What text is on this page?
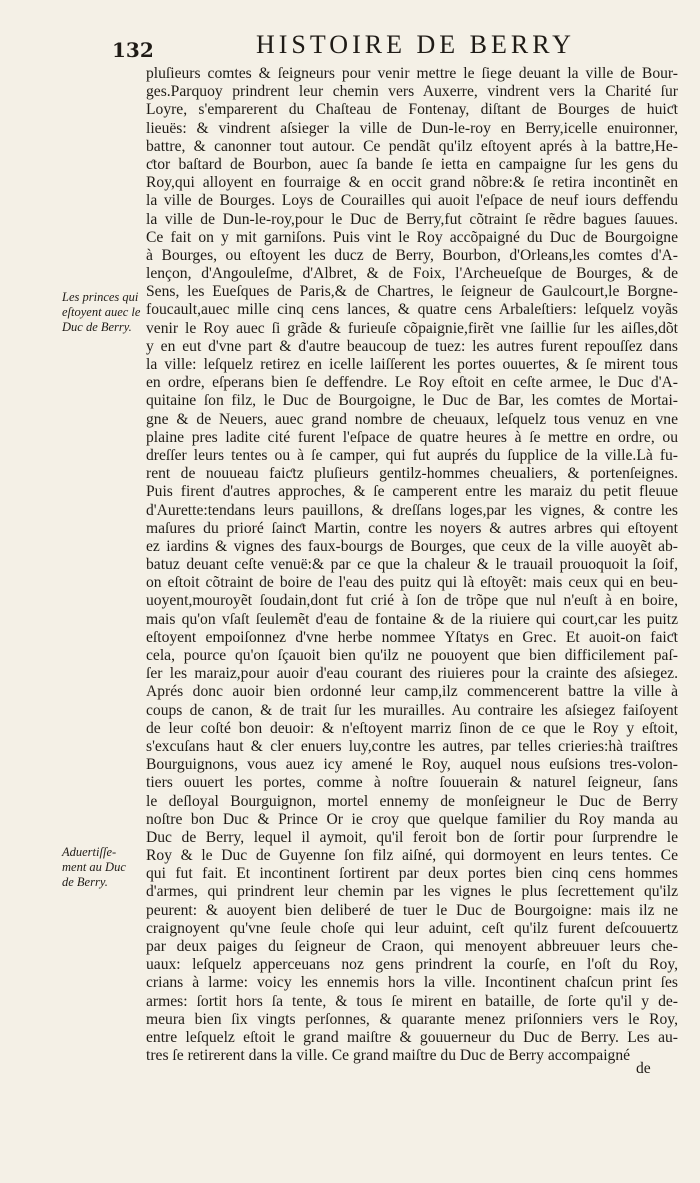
132	HISTOIRE DE BERRY
Les princes qui
eſtoyent auec le
Duc de Berry.
Aduertiſſe-
ment au Duc
de Berry.
pluſieurs comtes & ſeigneurs pour venir mettre le ſiege deuant la ville de Bour-
ges.Parquoy prindrent leur chemin vers Auxerre, vindrent vers la Charité ſur
Loyre, s'emparerent du Chaſteau de Fontenay, diſtant de Bourges de huiƈt
lieuës: & vindrent aſsieger la ville de Dun-le-roy en Berry,icelle enuironner,
battre, & canonner tout autour. Ce pendãt qu'ilz eſtoyent aprés à la battre,He-
ƈtor baſtard de Bourbon, auec ſa bande ſe ietta en campaigne ſur les gens du
Roy,qui alloyent en fourraige & en occit grand nõbre:& ſe retira incontinẽt en
la ville de Bourges. Loys de Courailles qui auoit l'eſpace de neuf iours deffendu
la ville de Dun-le-roy,pour le Duc de Berry,fut cõtraint ſe rẽdre bagues ſauues.
Ce fait on y mit garniſons. Puis vint le Roy accõpaigné du Duc de Bourgoigne
à Bourges, ou eſtoyent les ducz de Berry, Bourbon, d'Orleans,les comtes d'A-
lençon, d'Angouleſme, d'Albret, & de Foix, l'Archeueſque de Bourges, & de
Sens, les Eueſques de Paris,& de Chartres, le ſeigneur de Gaulcourt,le Borgne-
foucault,auec mille cinq cens lances, & quatre cens Arbaleſtiers: leſquelz voyãs
venir le Roy auec ſi grãde & furieuſe cõpaignie,firẽt vne ſaillie ſur les aiſles,dõt
y en eut d'vne part & d'autre beaucoup de tuez: les autres furent repouſſez dans
la ville: leſquelz retirez en icelle laiſſerent les portes ouuertes, & ſe mirent tous
en ordre, eſperans bien ſe deffendre. Le Roy eſtoit en ceſte armee, le Duc d'A-
quitaine ſon filz, le Duc de Bourgoigne, le Duc de Bar, les comtes de Mortai-
gne & de Neuers, auec grand nombre de cheuaux, leſquelz tous venuz en vne
plaine pres ladite cité furent l'eſpace de quatre heures à ſe mettre en ordre, ou
dreſſer leurs tentes ou à ſe camper, qui fut auprés du ſupplice de la ville.Là fu-
rent de nouueau faiƈtz pluſieurs gentilz-hommes cheualiers, & portenſeignes.
Puis firent d'autres approches, & ſe camperent entre les maraiz du petit fleuue
d'Aurette:tendans leurs pauillons, & dreſſans loges,par les vignes, & contre les
maſures du prioré ſainƈt Martin, contre les noyers & autres arbres qui eſtoyent
ez iardins & vignes des faux-bourgs de Bourges, que ceux de la ville auoyẽt ab-
batuz deuant ceſte venuë:& par ce que la chaleur & le trauail prouoquoit la ſoif,
on eſtoit cõtraint de boire de l'eau des puitz qui là eſtoyẽt: mais ceux qui en beu-
uoyent,mouroyẽt ſoudain,dont fut crié à ſon de trõpe que nul n'euſt à en boire,
mais qu'on vſaſt ſeulemẽt d'eau de fontaine & de la riuiere qui court,car les puitz
eſtoyent empoiſonnez d'vne herbe nommee Yſtatys en Grec. Et auoit-on faiƈt
cela, pource qu'on ſçauoit bien qu'ilz ne pouoyent que bien difficilement paſ-
ſer les maraiz,pour auoir d'eau courant des riuieres pour la crainte des aſsiegez.
Aprés donc auoir bien ordonné leur camp,ilz commencerent battre la ville à
coups de canon, & de trait ſur les murailles. Au contraire les aſsiegez faiſoyent
de leur coſté bon deuoir: & n'eſtoyent marriz ſinon de ce que le Roy y eſtoit,
s'excuſans haut & cler enuers luy,contre les autres, par telles crieries:hà traiſtres
Bourguignons, vous auez icy amené le Roy, auquel nous euſsions tres-volon-
tiers ouuert les portes, comme à noſtre ſouuerain & naturel ſeigneur, ſans
le deſloyal Bourguignon, mortel ennemy de monſeigneur le Duc de Berry
noſtre bon Duc & Prince Or ie croy que quelque familier du Roy manda au
Duc de Berry, lequel il aymoit, qu'il feroit bon de ſortir pour ſurprendre le
Roy & le Duc de Guyenne ſon filz aiſné, qui dormoyent en leurs tentes. Ce
qui fut fait. Et incontinent ſortirent par deux portes bien cinq cens hommes
d'armes, qui prindrent leur chemin par les vignes le plus ſecrettement qu'ilz
peurent: & auoyent bien deliberé de tuer le Duc de Bourgoigne: mais ilz ne
craignoyent qu'vne ſeule choſe qui leur aduint, ceſt qu'ilz furent deſcouuertz
par deux paiges du ſeigneur de Craon, qui menoyent abbreuuer leurs che-
uaux: leſquelz apperceuans noz gens prindrent la courſe, en l'oſt du Roy,
crians à larme: voicy les ennemis hors la ville. Incontinent chaſcun print ſes
armes: ſortit hors ſa tente, & tous ſe mirent en bataille, de ſorte qu'il y de-
meura bien ſix vingts perſonnes, & quarante menez priſonniers vers le Roy,
entre leſquelz eſtoit le grand maiſtre & gouuerneur du Duc de Berry. Les au-
tres ſe retirerent dans la ville. Ce grand maiſtre du Duc de Berry accompaigné
de
